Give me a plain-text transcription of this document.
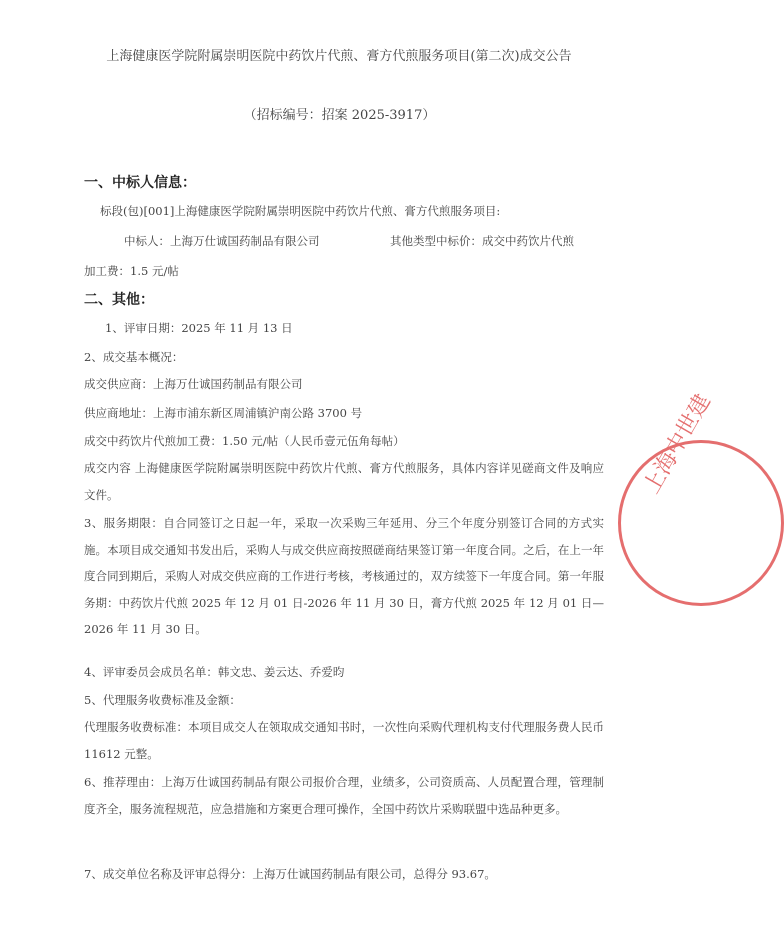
上海健康医学院附属崇明医院中药饮片代煎、膏方代煎服务项目(第二次)成交公告
（招标编号：招案 2025-3917）
一、中标人信息：
标段(包)[001]上海健康医学院附属崇明医院中药饮片代煎、膏方代煎服务项目:
中标人：上海万仕诚国药制品有限公司	其他类型中标价：成交中药饮片代煎
加工费：1.5 元/帖
二、其他：
1、评审日期：2025 年 11 月 13 日
2、成交基本概况：
成交供应商：上海万仕诚国药制品有限公司
供应商地址：上海市浦东新区周浦镇沪南公路 3700 号
成交中药饮片代煎加工费：1.50 元/帖（人民币壹元伍角每帖）
成交内容 上海健康医学院附属崇明医院中药饮片代煎、膏方代煎服务，具体内容详见磋商文件及响应文件。
3、服务期限：自合同签订之日起一年，采取一次采购三年延用、分三个年度分别签订合同的方式实施。本项目成交通知书发出后，采购人与成交供应商按照磋商结果签订第一年度合同。之后，在上一年度合同到期后，采购人对成交供应商的工作进行考核，考核通过的，双方续签下一年度合同。第一年服务期：中药饮片代煎 2025 年 12 月 01 日-2026 年 11 月 30 日，膏方代煎 2025 年 12 月 01 日—2026 年 11 月 30 日。
4、评审委员会成员名单：韩文忠、姜云达、乔爱昀
5、代理服务收费标准及金额：
代理服务收费标准：本项目成交人在领取成交通知书时，一次性向采购代理机构支付代理服务费人民币 11612 元整。
6、推荐理由：上海万仕诚国药制品有限公司报价合理，业绩多，公司资质高、人员配置合理，管理制度齐全，服务流程规范，应急措施和方案更合理可操作，全国中药饮片采购联盟中选品种更多。
7、成交单位名称及评审总得分：上海万仕诚国药制品有限公司，总得分 93.67。
上海中世建
